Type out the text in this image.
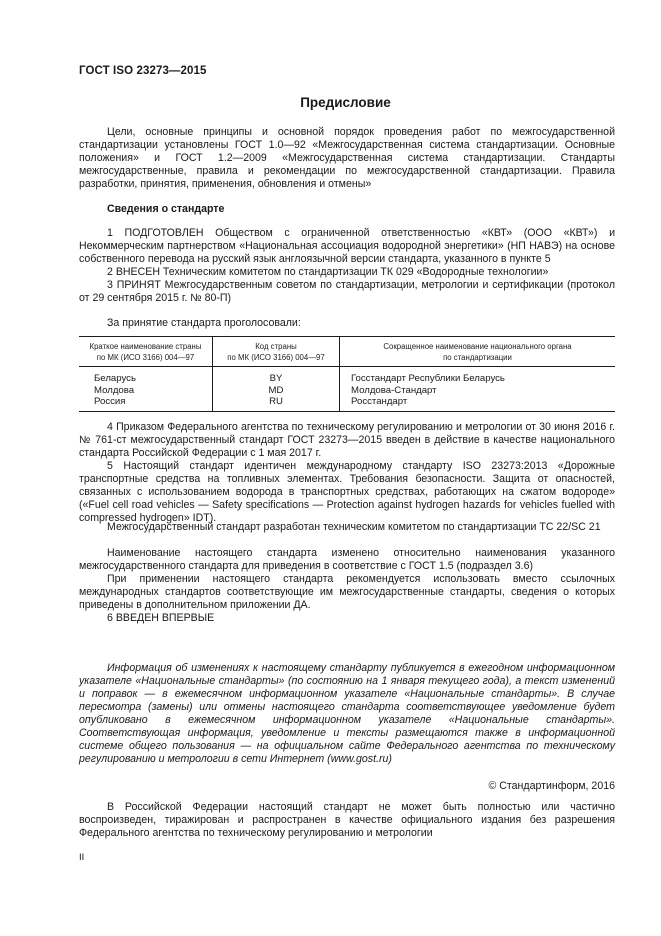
ГОСТ ISO 23273—2015
Предисловие
Цели, основные принципы и основной порядок проведения работ по межгосударственной стандартизации установлены ГОСТ 1.0—92 «Межгосударственная система стандартизации. Основные положения» и ГОСТ 1.2—2009 «Межгосударственная система стандартизации. Стандарты межгосударственные, правила и рекомендации по межгосударственной стандартизации. Правила разработки, принятия, применения, обновления и отмены»
Сведения о стандарте
1 ПОДГОТОВЛЕН Обществом с ограниченной ответственностью «КВТ» (ООО «КВТ») и Некоммерческим партнерством «Национальная ассоциация водородной энергетики» (НП НАВЭ) на основе собственного перевода на русский язык англоязычной версии стандарта, указанного в пункте 5
2 ВНЕСЕН Техническим комитетом по стандартизации ТК 029 «Водородные технологии»
3 ПРИНЯТ Межгосударственным советом по стандартизации, метрологии и сертификации (протокол от 29 сентября 2015 г. № 80-П)
За принятие стандарта проголосовали:
Краткое наименование страны
по МК (ИСО 3166) 004—97
Код страны
по МК (ИСО 3166) 004—97
Сокращенное наименование национального органа
по стандартизации
Беларусь
Молдова
Россия
BY
MD
RU
Госстандарт Республики Беларусь
Молдова-Стандарт
Росстандарт
4 Приказом Федерального агентства по техническому регулированию и метрологии от 30 июня 2016 г. № 761-ст межгосударственный стандарт ГОСТ 23273—2015 введен в действие в качестве национального стандарта Российской Федерации с 1 мая 2017 г.
5 Настоящий стандарт идентичен международному стандарту ISO 23273:2013 «Дорожные транспортные средства на топливных элементах. Требования безопасности. Защита от опасностей, связанных с использованием водорода в транспортных средствах, работающих на сжатом водороде» («Fuel cell road vehicles — Safety specifications — Protection against hydrogen hazards for vehicles fuelled with compressed hydrogen» IDT).
Межгосударственный стандарт разработан техническим комитетом по стандартизации TC 22/SC 21
Наименование настоящего стандарта изменено относительно наименования указанного межгосударственного стандарта для приведения в соответствие с ГОСТ 1.5 (подраздел 3.6)
При применении настоящего стандарта рекомендуется использовать вместо ссылочных международных стандартов соответствующие им межгосударственные стандарты, сведения о которых приведены в дополнительном приложении ДА.
6 ВВЕДЕН ВПЕРВЫЕ
Информация об изменениях к настоящему стандарту публикуется в ежегодном информационном указателе «Национальные стандарты» (по состоянию на 1 января текущего года), а текст изменений и поправок — в ежемесячном информационном указателе «Национальные стандарты». В случае пересмотра (замены) или отмены настоящего стандарта соответствующее уведомление будет опубликовано в ежемесячном информационном указателе «Национальные стандарты». Соответствующая информация, уведомление и тексты размещаются также в информационной системе общего пользования — на официальном сайте Федерального агентства по техническому регулированию и метрологии в сети Интернет (www.gost.ru)
© Стандартинформ, 2016
В Российской Федерации настоящий стандарт не может быть полностью или частично воспроизведен, тиражирован и распространен в качестве официального издания без разрешения Федерального агентства по техническому регулированию и метрологии
II
